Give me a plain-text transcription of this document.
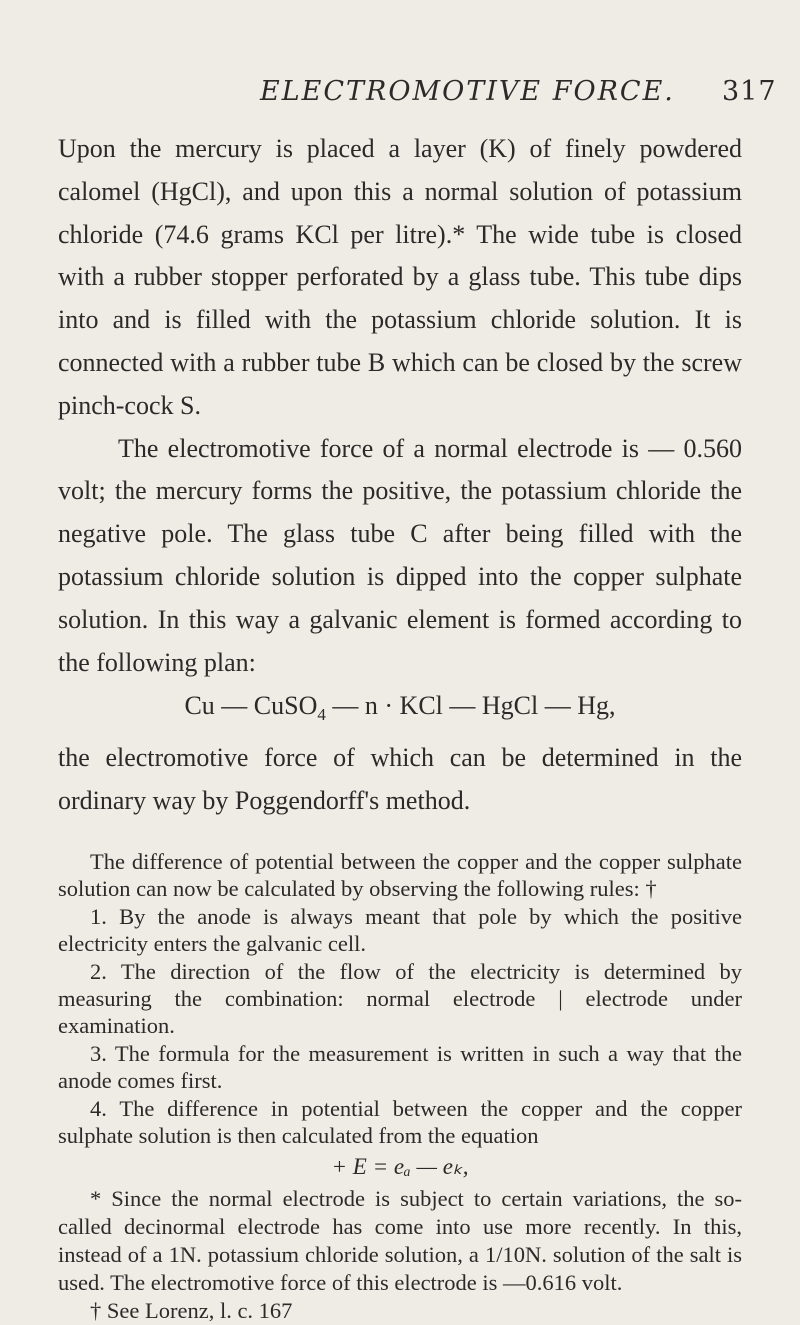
ELECTROMOTIVE FORCE. 317

Upon the mercury is placed a layer (K) of finely powdered calomel (HgCl), and upon this a normal solution of potassium chloride (74.6 grams KCl per litre).* The wide tube is closed with a rubber stopper perforated by a glass tube. This tube dips into and is filled with the potassium chloride solution. It is connected with a rubber tube B which can be closed by the screw pinch-cock S.

The electromotive force of a normal electrode is — 0.560 volt; the mercury forms the positive, the potassium chloride the negative pole. The glass tube C after being filled with the potassium chloride solution is dipped into the copper sulphate solution. In this way a galvanic element is formed according to the following plan:

Cu — CuSO$_4$ — n · KCl — HgCl — Hg,

the electromotive force of which can be determined in the ordinary way by Poggendorff's method.

The difference of potential between the copper and the copper sulphate solution can now be calculated by observing the following rules: †

1. By the anode is always meant that pole by which the positive electricity enters the galvanic cell.

2. The direction of the flow of the electricity is determined by measuring the combination: normal electrode | electrode under examination.

3. The formula for the measurement is written in such a way that the anode comes first.

4. The difference in potential between the copper and the copper sulphate solution is then calculated from the equation

+ E = eₐ — eₖ,

* Since the normal electrode is subject to certain variations, the so-called decinormal electrode has come into use more recently. In this, instead of a 1N. potassium chloride solution, a 1/10N. solution of the salt is used. The electromotive force of this electrode is —0.616 volt.

† See Lorenz, l. c. 167
